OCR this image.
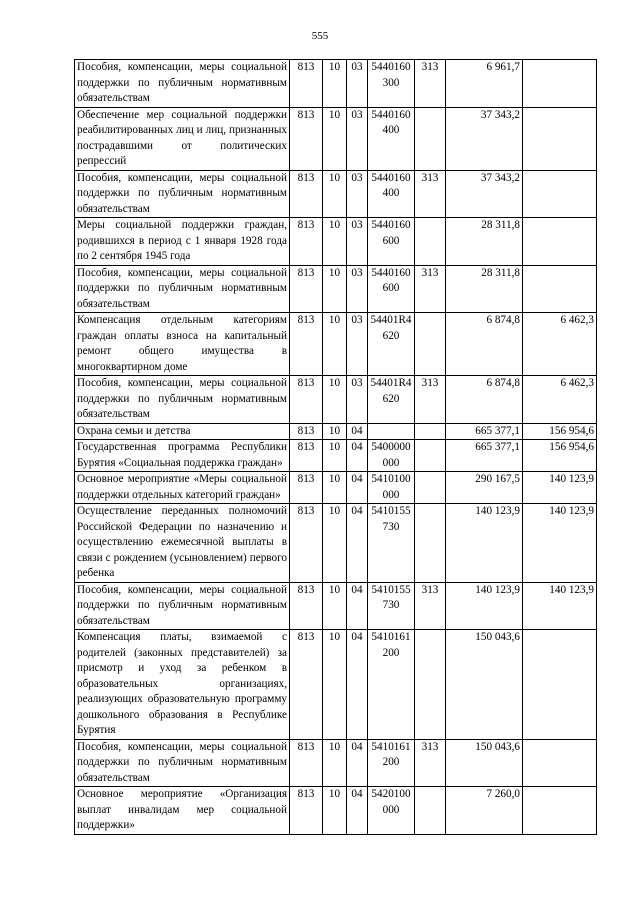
555
Пособия, компенсации, меры социальной поддержки по публичным нормативным обязательствам	813	10	03	5440160300	313	6 961,7	
Обеспечение мер социальной поддержки реабилитированных лиц и лиц, признанных пострадавшими от политических репрессий	813	10	03	5440160400		37 343,2	
Пособия, компенсации, меры социальной поддержки по публичным нормативным обязательствам	813	10	03	5440160400	313	37 343,2	
Меры социальной поддержки граждан, родившихся в период с 1 января 1928 года по 2 сентября 1945 года	813	10	03	5440160600		28 311,8	
Пособия, компенсации, меры социальной поддержки по публичным нормативным обязательствам	813	10	03	5440160600	313	28 311,8	
Компенсация отдельным категориям граждан оплаты взноса на капитальный ремонт общего имущества в многоквартирном доме	813	10	03	54401R4620		6 874,8	6 462,3
Пособия, компенсации, меры социальной поддержки по публичным нормативным обязательствам	813	10	03	54401R4620	313	6 874,8	6 462,3
Охрана семьи и детства	813	10	04			665 377,1	156 954,6
Государственная программа Республики Бурятия «Социальная поддержка граждан»	813	10	04	5400000000		665 377,1	156 954,6
Основное мероприятие «Меры социальной поддержки отдельных категорий граждан»	813	10	04	5410100000		290 167,5	140 123,9
Осуществление переданных полномочий Российской Федерации по назначению и осуществлению ежемесячной выплаты в связи с рождением (усыновлением) первого ребенка	813	10	04	5410155730		140 123,9	140 123,9
Пособия, компенсации, меры социальной поддержки по публичным нормативным обязательствам	813	10	04	5410155730	313	140 123,9	140 123,9
Компенсация платы, взимаемой с родителей (законных представителей) за присмотр и уход за ребенком в образовательных организациях, реализующих образовательную программу дошкольного образования в Республике Бурятия	813	10	04	5410161200		150 043,6	
Пособия, компенсации, меры социальной поддержки по публичным нормативным обязательствам	813	10	04	5410161200	313	150 043,6	
Основное мероприятие «Организация выплат инвалидам мер социальной поддержки»	813	10	04	5420100000		7 260,0	
